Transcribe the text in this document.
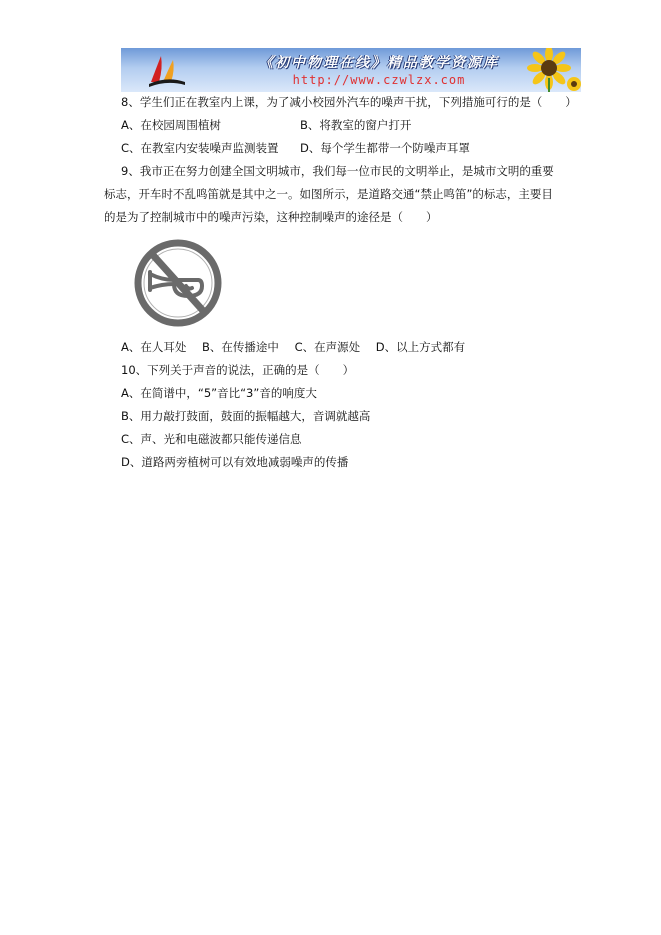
《初中物理在线》精品教学资源库
http://www.czwlzx.com
8、学生们正在教室内上课，为了减小校园外汽车的噪声干扰，下列措施可行的是（　　）
A、在校园周围植树	B、将教室的窗户打开
C、在教室内安装噪声监测装置 D、每个学生都带一个防噪声耳罩
9、我市正在努力创建全国文明城市，我们每一位市民的文明举止，是城市文明的重要
标志，开车时不乱鸣笛就是其中之一。如图所示，是道路交通“禁止鸣笛”的标志，主要目
的是为了控制城市中的噪声污染，这种控制噪声的途径是（　　）
A、在人耳处 B、在传播途中 C、在声源处 D、以上方式都有
10、下列关于声音的说法，正确的是（　　）
A、在简谱中，“5”音比“3”音的响度大
B、用力敲打鼓面，鼓面的振幅越大，音调就越高
C、声、光和电磁波都只能传递信息
D、道路两旁植树可以有效地减弱噪声的传播
